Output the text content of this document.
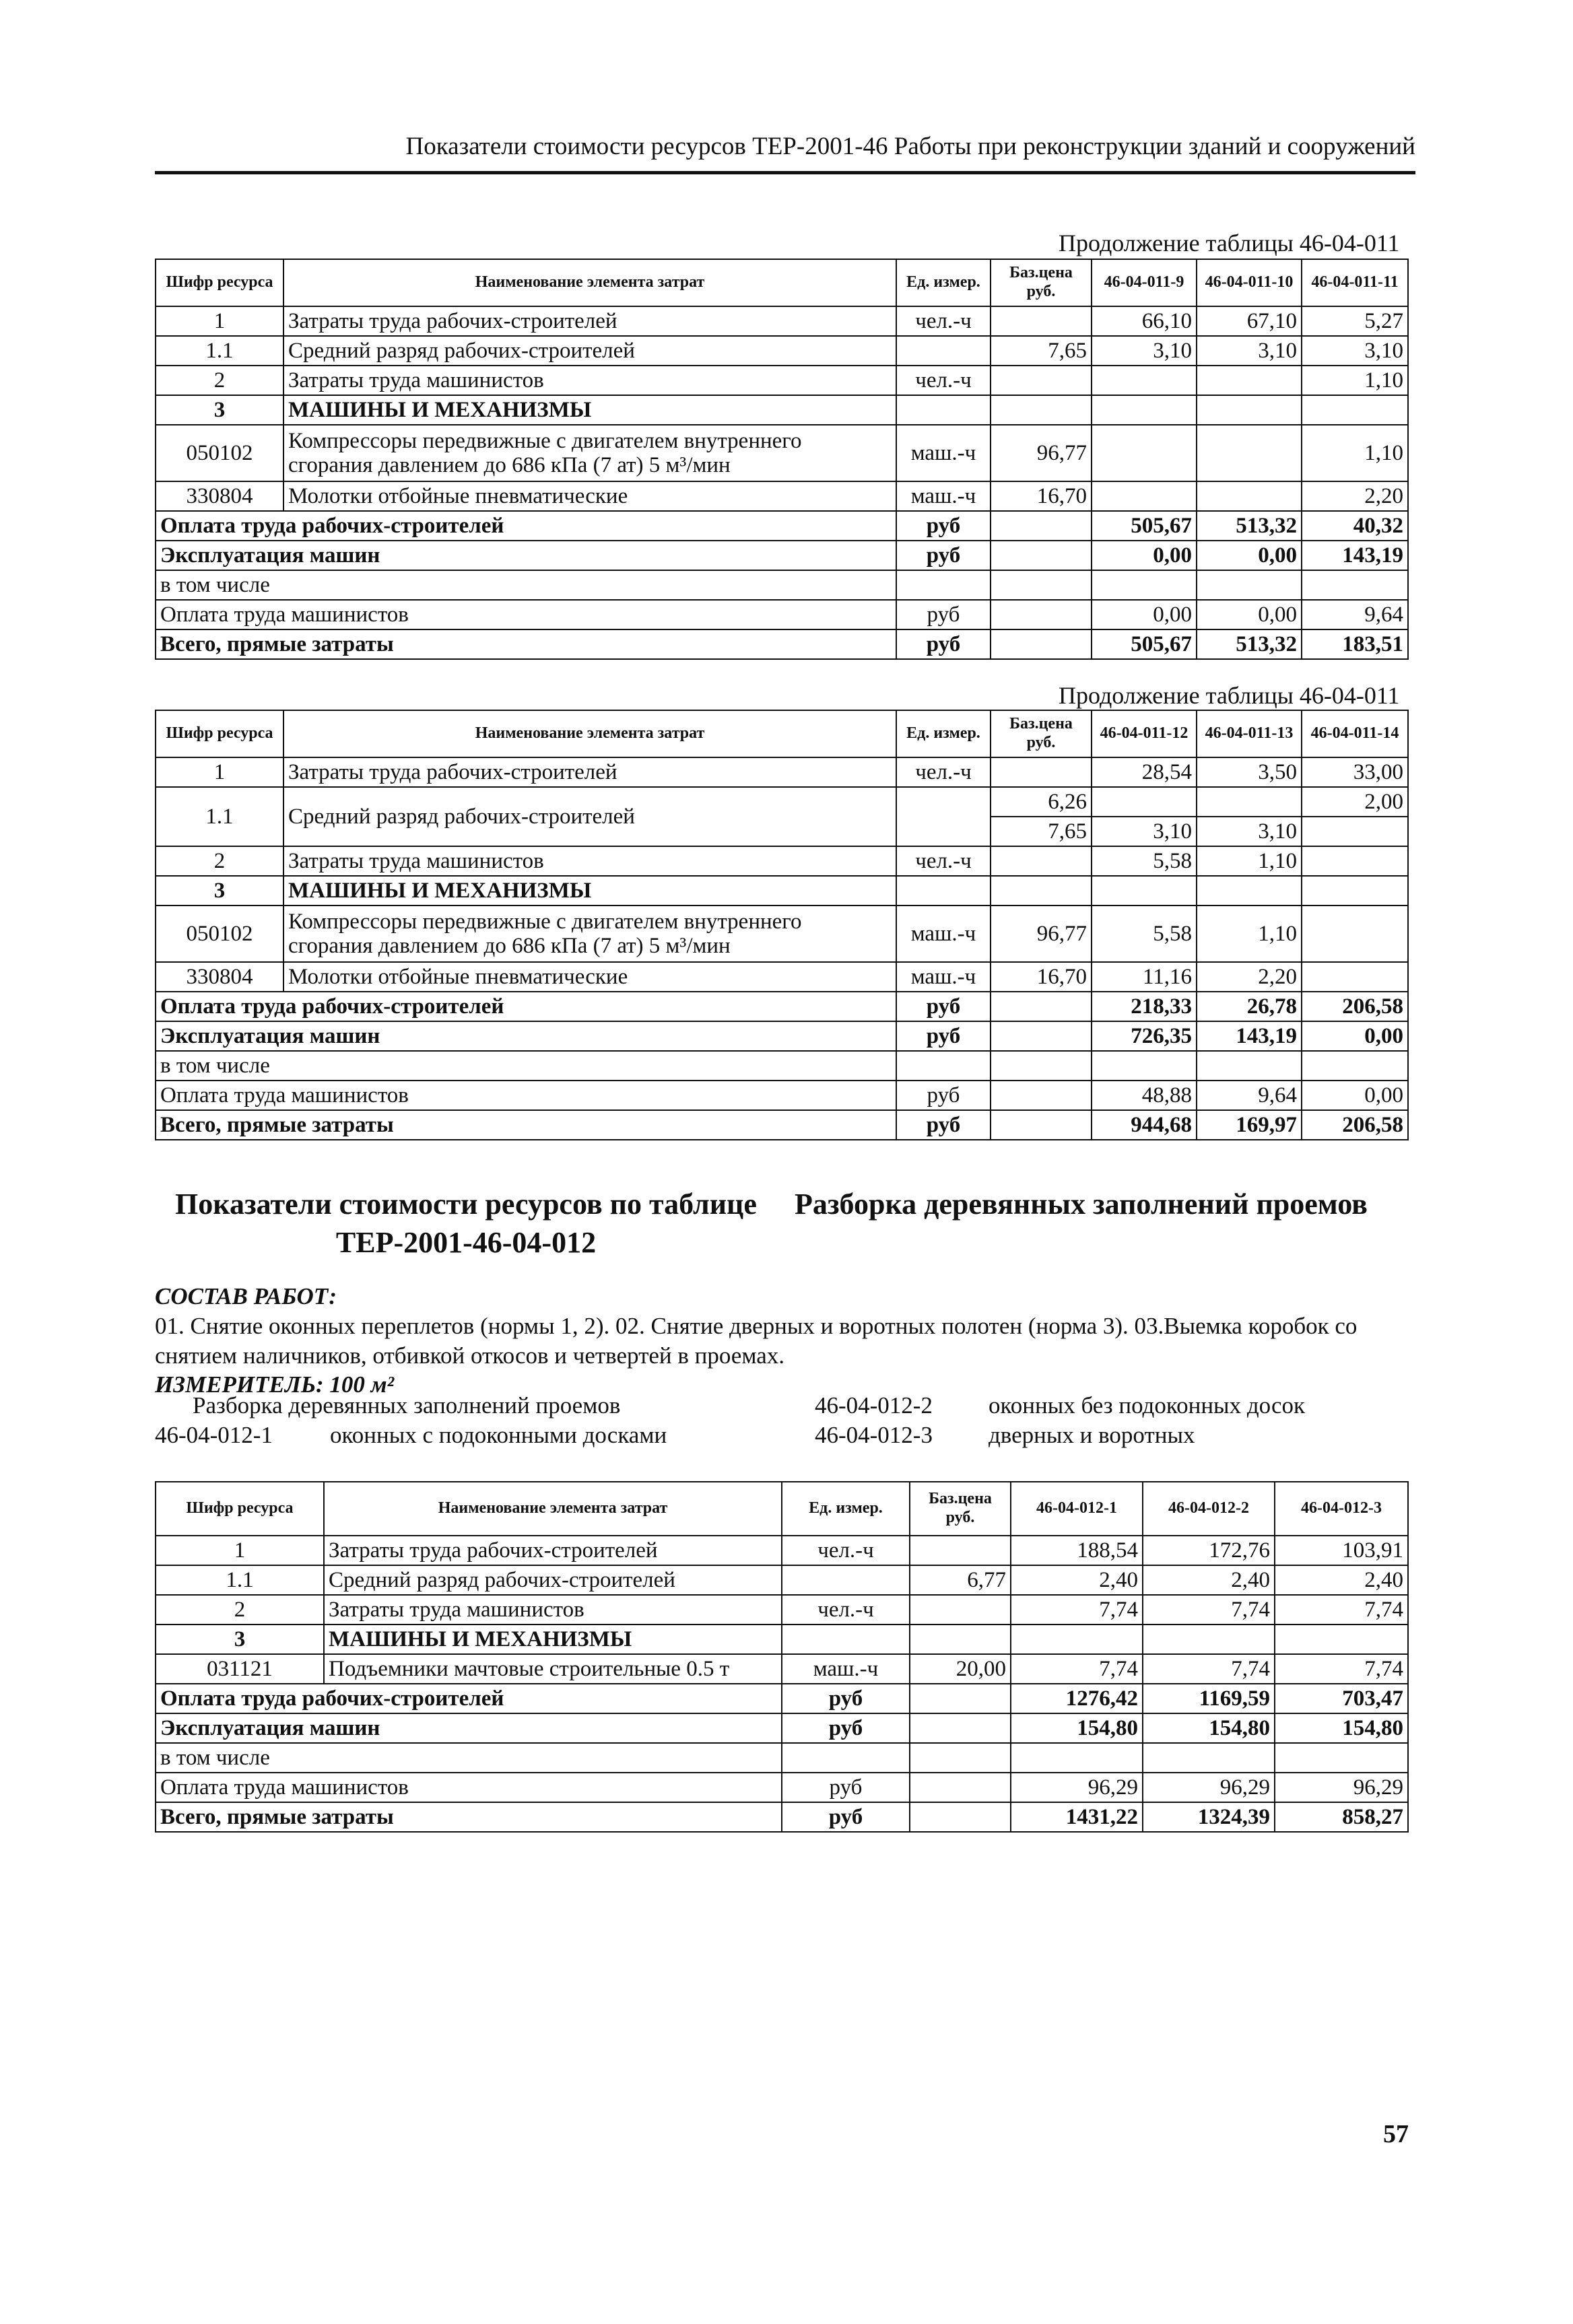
Показатели стоимости ресурсов ТЕР-2001-46 Работы при реконструкции зданий и сооружений
Продолжение таблицы 46-04-011
Шифр ресурса	Наименование элемента затрат	Ед. измер.	Баз.цена руб.	46-04-011-9	46-04-011-10	46-04-011-11
1	Затраты труда рабочих-строителей	чел.-ч		66,10	67,10	5,27
1.1	Средний разряд рабочих-строителей		7,65	3,10	3,10	3,10
2	Затраты труда машинистов	чел.-ч				1,10
3	МАШИНЫ И МЕХАНИЗМЫ					
050102	Компрессоры передвижные с двигателем внутреннего сгорания давлением до 686 кПа (7 ат) 5 м³/мин	маш.-ч	96,77			1,10
330804	Молотки отбойные пневматические	маш.-ч	16,70			2,20
Оплата труда рабочих-строителей		руб		505,67	513,32	40,32
Эксплуатация машин		руб		0,00	0,00	143,19
в том числе						
Оплата труда машинистов		руб		0,00	0,00	9,64
Всего, прямые затраты		руб		505,67	513,32	183,51
Продолжение таблицы 46-04-011
Шифр ресурса	Наименование элемента затрат	Ед. измер.	Баз.цена руб.	46-04-011-12	46-04-011-13	46-04-011-14
1	Затраты труда рабочих-строителей	чел.-ч		28,54	3,50	33,00
1.1	Средний разряд рабочих-строителей		6,26			2,00
			7,65	3,10	3,10	
2	Затраты труда машинистов	чел.-ч		5,58	1,10	
3	МАШИНЫ И МЕХАНИЗМЫ					
050102	Компрессоры передвижные с двигателем внутреннего сгорания давлением до 686 кПа (7 ат) 5 м³/мин	маш.-ч	96,77	5,58	1,10	
330804	Молотки отбойные пневматические	маш.-ч	16,70	11,16	2,20	
Оплата труда рабочих-строителей		руб		218,33	26,78	206,58
Эксплуатация машин		руб		726,35	143,19	0,00
в том числе						
Оплата труда машинистов		руб		48,88	9,64	0,00
Всего, прямые затраты		руб		944,68	169,97	206,58
Показатели стоимости ресурсов по таблице
ТЕР-2001-46-04-012
Разборка деревянных заполнений проемов
СОСТАВ РАБОТ:
01. Снятие оконных переплетов (нормы 1, 2). 02. Снятие дверных и воротных полотен (норма 3). 03.Выемка коробок со снятием наличников, отбивкой откосов и четвертей в проемах.
ИЗМЕРИТЕЛЬ: 100 м²
Разборка деревянных заполнений проемов	46-04-012-2 оконных без подоконных досок
46-04-012-1 оконных с подоконными досками	46-04-012-3 дверных и воротных
Шифр ресурса	Наименование элемента затрат	Ед. измер.	Баз.цена руб.	46-04-012-1	46-04-012-2	46-04-012-3
1	Затраты труда рабочих-строителей	чел.-ч		188,54	172,76	103,91
1.1	Средний разряд рабочих-строителей		6,77	2,40	2,40	2,40
2	Затраты труда машинистов	чел.-ч		7,74	7,74	7,74
3	МАШИНЫ И МЕХАНИЗМЫ					
031121	Подъемники мачтовые строительные 0.5 т	маш.-ч	20,00	7,74	7,74	7,74
Оплата труда рабочих-строителей		руб		1276,42	1169,59	703,47
Эксплуатация машин		руб		154,80	154,80	154,80
в том числе						
Оплата труда машинистов		руб		96,29	96,29	96,29
Всего, прямые затраты		руб		1431,22	1324,39	858,27
57
